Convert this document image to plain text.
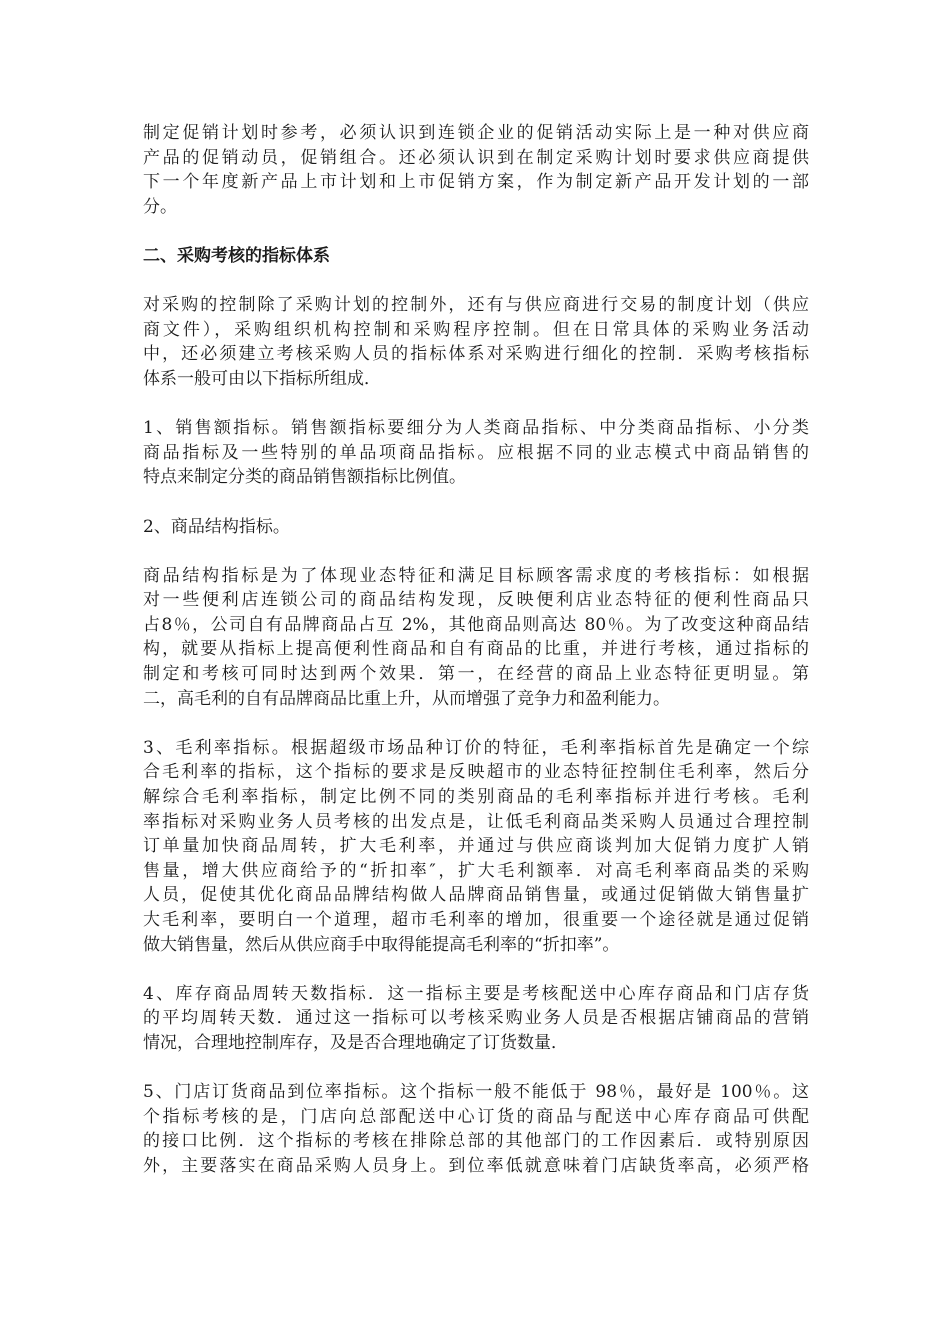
制定促销计划时参考，必须认识到连锁企业的促销活动实际上是一种对供应商
产品的促销动员，促销组合。还必须认识到在制定采购计划时要求供应商提供
下一个年度新产品上市计划和上市促销方案，作为制定新产品开发计划的一部
分。
二、采购考核的指标体系
对采购的控制除了采购计划的控制外，还有与供应商进行交易的制度计划（供应
商文件），采购组织机构控制和采购程序控制。但在日常具体的采购业务活动
中，还必须建立考核采购人员的指标体系对采购进行细化的控制．采购考核指标
体系一般可由以下指标所组成．
1、销售额指标。销售额指标要细分为人类商品指标、中分类商品指标、小分类
商品指标及一些特别的单品项商品指标。应根据不同的业志模式中商品销售的
特点来制定分类的商品销售额指标比例值。
2、商品结构指标。
商品结构指标是为了体现业态特征和满足目标顾客需求度的考核指标：如根据
对一些便利店连锁公司的商品结构发现，反映便利店业态特征的便利性商品只
占8％，公司自有品牌商品占互 2%，其他商品则高达 80％。为了改变这种商品结
构，就要从指标上提高便利性商品和自有商品的比重，并进行考核，通过指标的
制定和考核可同时达到两个效果．第一，在经营的商品上业态特征更明显。第
二，高毛利的自有品牌商品比重上升，从而增强了竞争力和盈利能力。
3、毛利率指标。根据超级市场品种订价的特征，毛利率指标首先是确定一个综
合毛利率的指标，这个指标的要求是反映超市的业态特征控制住毛利率，然后分
解综合毛利率指标，制定比例不同的类别商品的毛利率指标并进行考核。毛利
率指标对采购业务人员考核的出发点是，让低毛利商品类采购人员通过合理控制
订单量加快商品周转，扩大毛利率，并通过与供应商谈判加大促销力度扩人销
售量，增大供应商给予的“折扣率″，扩大毛利额率．对高毛利率商品类的采购
人员，促使其优化商品品牌结构做人品牌商品销售量，或通过促销做大销售量扩
大毛利率，要明白一个道理，超市毛利率的增加，很重要一个途径就是通过促销
做大销售量，然后从供应商手中取得能提高毛利率的“折扣率”。
4、库存商品周转天数指标．这一指标主要是考核配送中心库存商品和门店存货
的平均周转天数．通过这一指标可以考核采购业务人员是否根据店铺商品的营销
情况，合理地控制库存，及是否合理地确定了订货数量．
5、门店订货商品到位率指标。这个指标一般不能低于 98％，最好是 100％。这
个指标考核的是，门店向总部配送中心订货的商品与配送中心库存商品可供配
的接口比例．这个指标的考核在排除总部的其他部门的工作因素后．或特别原因
外，主要落实在商品采购人员身上。到位率低就意味着门店缺货率高，必须严格
